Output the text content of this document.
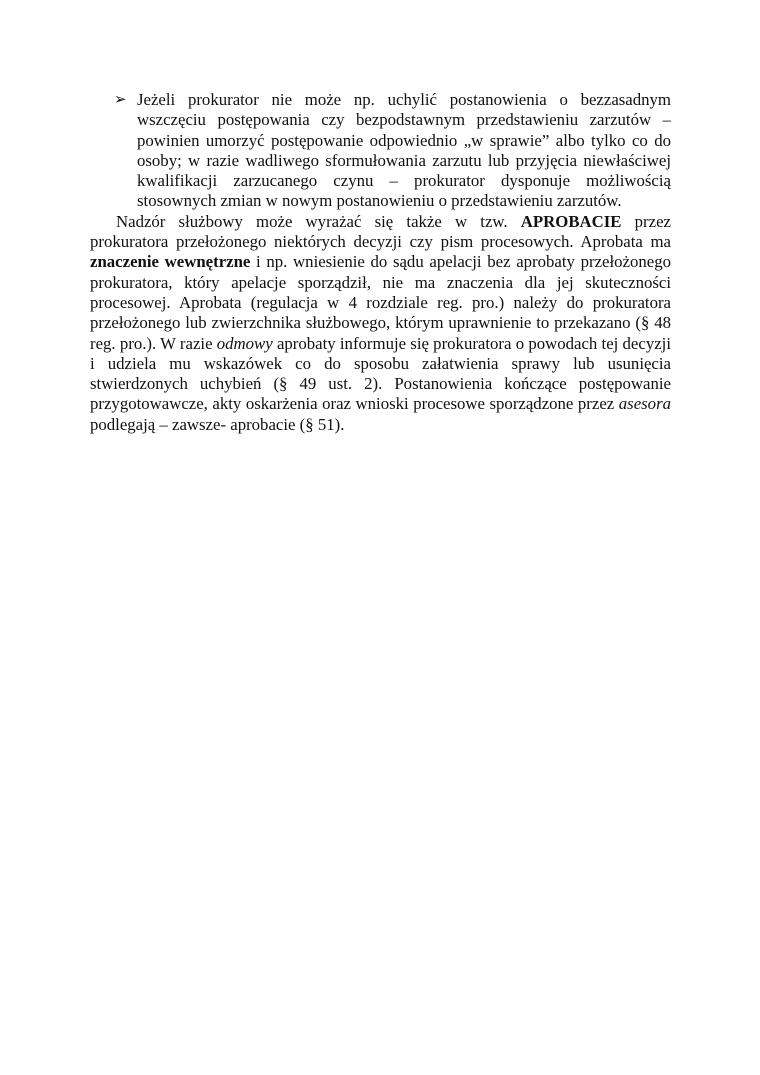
➢ Jeżeli prokurator nie może np. uchylić postanowienia o bezzasadnym wszczęciu postępowania czy bezpodstawnym przedstawieniu zarzutów – powinien umorzyć postępowanie odpowiednio „w sprawie” albo tylko co do osoby; w razie wadliwego sformułowania zarzutu lub przyjęcia niewłaściwej kwalifikacji zarzucanego czynu – prokurator dysponuje możliwością stosownych zmian w nowym postanowieniu o przedstawieniu zarzutów.
Nadzór służbowy może wyrażać się także w tzw. APROBACIE przez prokuratora przełożonego niektórych decyzji czy pism procesowych. Aprobata ma znaczenie wewnętrzne i np. wniesienie do sądu apelacji bez aprobaty przełożonego prokuratora, który apelacje sporządził, nie ma znaczenia dla jej skuteczności procesowej. Aprobata (regulacja w 4 rozdziale reg. pro.) należy do prokuratora przełożonego lub zwierzchnika służbowego, którym uprawnienie to przekazano (§ 48 reg. pro.). W razie odmowy aprobaty informuje się prokuratora o powodach tej decyzji i udziela mu wskazówek co do sposobu załatwienia sprawy lub usunięcia stwierdzonych uchybień (§ 49 ust. 2). Postanowienia kończące postępowanie przygotowawcze, akty oskarżenia oraz wnioski procesowe sporządzone przez asesora podlegają – zawsze- aprobacie (§ 51).
